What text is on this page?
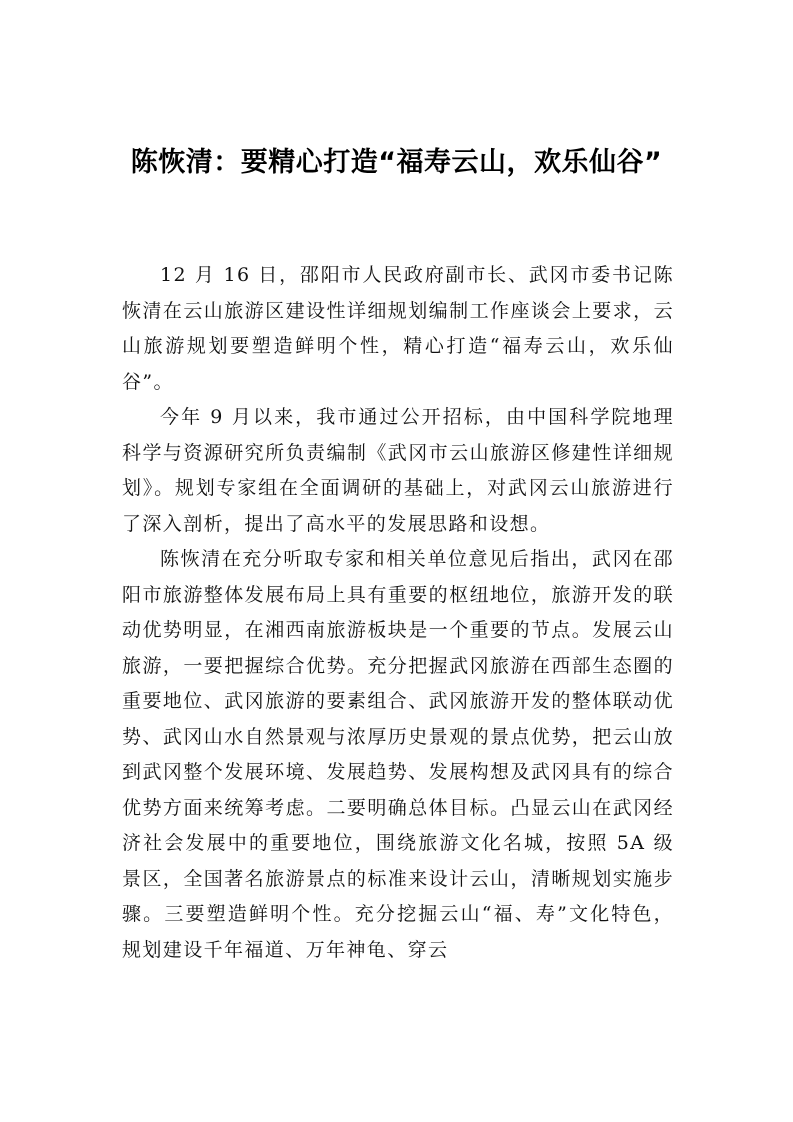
陈恢清：要精心打造“福寿云山，欢乐仙谷”

12 月 16 日，邵阳市人民政府副市长、武冈市委书记陈恢清在云山旅游区建设性详细规划编制工作座谈会上要求，云山旅游规划要塑造鲜明个性，精心打造“福寿云山，欢乐仙谷”。

今年 9 月以来，我市通过公开招标，由中国科学院地理科学与资源研究所负责编制《武冈市云山旅游区修建性详细规划》。规划专家组在全面调研的基础上，对武冈云山旅游进行了深入剖析，提出了高水平的发展思路和设想。

陈恢清在充分听取专家和相关单位意见后指出，武冈在邵阳市旅游整体发展布局上具有重要的枢纽地位，旅游开发的联动优势明显，在湘西南旅游板块是一个重要的节点。发展云山旅游，一要把握综合优势。充分把握武冈旅游在西部生态圈的重要地位、武冈旅游的要素组合、武冈旅游开发的整体联动优势、武冈山水自然景观与浓厚历史景观的景点优势，把云山放到武冈整个发展环境、发展趋势、发展构想及武冈具有的综合优势方面来统筹考虑。二要明确总体目标。凸显云山在武冈经济社会发展中的重要地位，围绕旅游文化名城，按照 5A 级景区，全国著名旅游景点的标准来设计云山，清晰规划实施步骤。三要塑造鲜明个性。充分挖掘云山“福、寿”文化特色，规划建设千年福道、万年神龟、穿云
